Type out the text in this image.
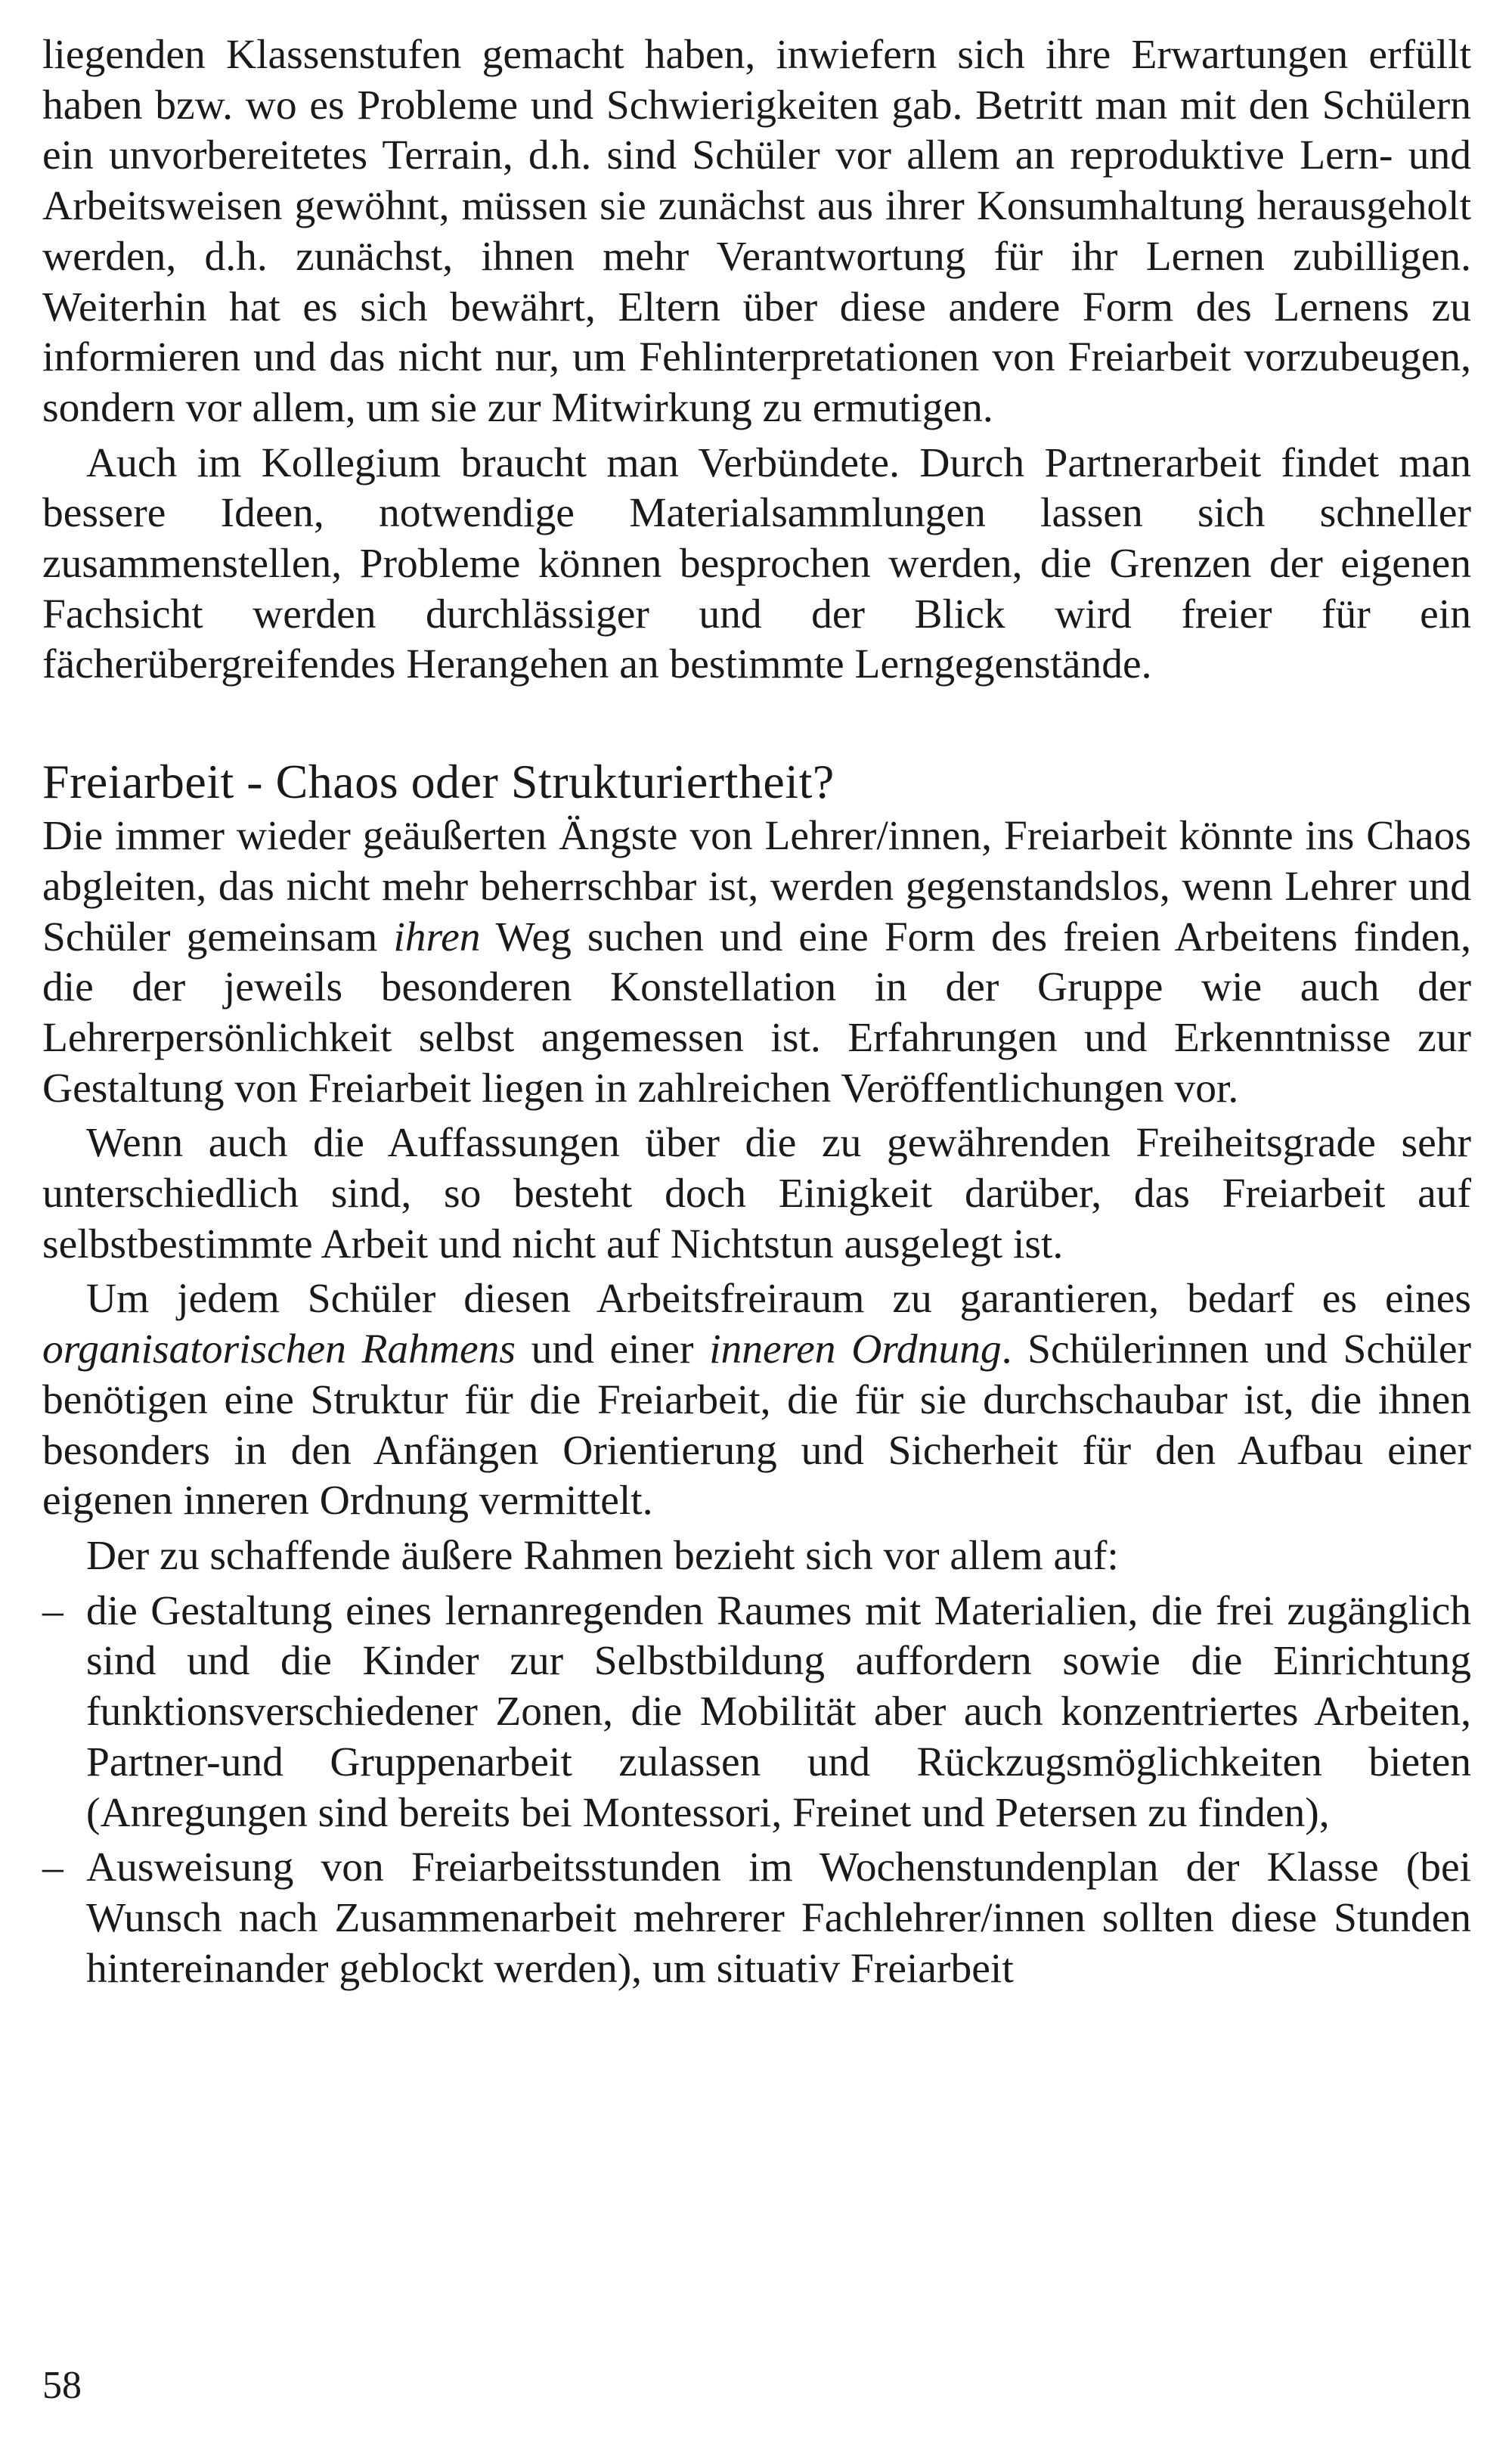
liegenden Klassenstufen gemacht haben, inwiefern sich ihre Erwartungen erfüllt haben bzw. wo es Probleme und Schwierigkeiten gab. Betritt man mit den Schülern ein unvorbereitetes Terrain, d.h. sind Schüler vor allem an reproduktive Lern- und Arbeitsweisen gewöhnt, müssen sie zunächst aus ihrer Konsumhaltung herausgeholt werden, d.h. zunächst, ihnen mehr Verantwortung für ihr Lernen zubilligen. Weiterhin hat es sich bewährt, Eltern über diese andere Form des Lernens zu informieren und das nicht nur, um Fehlinterpretationen von Freiarbeit vorzubeugen, sondern vor allem, um sie zur Mitwirkung zu ermutigen.

Auch im Kollegium braucht man Verbündete. Durch Partnerarbeit findet man bessere Ideen, notwendige Materialsammlungen lassen sich schneller zusammenstellen, Probleme können besprochen werden, die Grenzen der eigenen Fachsicht werden durchlässiger und der Blick wird freier für ein fächerübergreifendes Herangehen an bestimmte Lerngegenstände.

Freiarbeit - Chaos oder Strukturiertheit?

Die immer wieder geäußerten Ängste von Lehrer/innen, Freiarbeit könnte ins Chaos abgleiten, das nicht mehr beherrschbar ist, werden gegenstandslos, wenn Lehrer und Schüler gemeinsam ihren Weg suchen und eine Form des freien Arbeitens finden, die der jeweils besonderen Konstellation in der Gruppe wie auch der Lehrerpersönlichkeit selbst angemessen ist. Erfahrungen und Erkenntnisse zur Gestaltung von Freiarbeit liegen in zahlreichen Veröffentlichungen vor.

Wenn auch die Auffassungen über die zu gewährenden Freiheitsgrade sehr unterschiedlich sind, so besteht doch Einigkeit darüber, das Freiarbeit auf selbstbestimmte Arbeit und nicht auf Nichtstun ausgelegt ist.

Um jedem Schüler diesen Arbeitsfreiraum zu garantieren, bedarf es eines organisatorischen Rahmens und einer inneren Ordnung. Schülerinnen und Schüler benötigen eine Struktur für die Freiarbeit, die für sie durchschaubar ist, die ihnen besonders in den Anfängen Orientierung und Sicherheit für den Aufbau einer eigenen inneren Ordnung vermittelt.

Der zu schaffende äußere Rahmen bezieht sich vor allem auf:

– die Gestaltung eines lernanregenden Raumes mit Materialien, die frei zugänglich sind und die Kinder zur Selbstbildung auffordern sowie die Einrichtung funktionsverschiedener Zonen, die Mobilität aber auch konzentriertes Arbeiten, Partner-und Gruppenarbeit zulassen und Rückzugsmöglichkeiten bieten (Anregungen sind bereits bei Montessori, Freinet und Petersen zu finden),
– Ausweisung von Freiarbeitsstunden im Wochenstundenplan der Klasse (bei Wunsch nach Zusammenarbeit mehrerer Fachlehrer/innen sollten diese Stunden hintereinander geblockt werden), um situativ Freiarbeit
58
